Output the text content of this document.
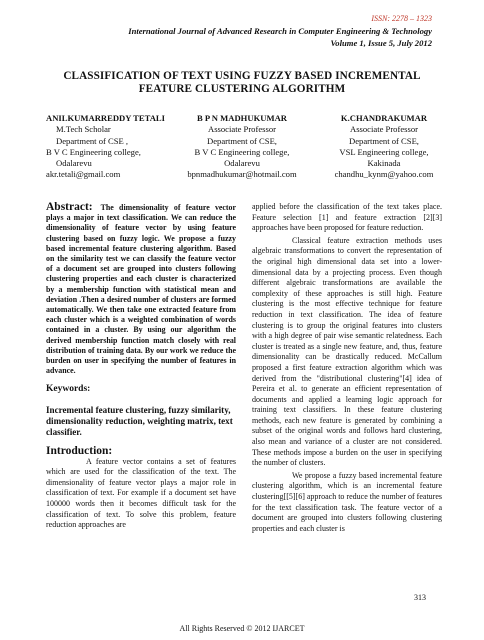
ISSN: 2278 – 1323
International Journal of Advanced Research in Computer Engineering & Technology
Volume 1, Issue 5, July 2012
CLASSIFICATION OF TEXT USING FUZZY BASED INCREMENTAL
FEATURE CLUSTERING ALGORITHM
ANILKUMARREDDY TETALI
M.Tech Scholar
Department of CSE ,
B V C Engineering college,
Odalarevu
akr.tetali@gmail.com
B P N MADHUKUMAR
Associate Professor
Department of CSE,
B V C Engineering college,
Odalarevu
bpnmadhukumar@hotmail.com
K.CHANDRAKUMAR
Associate Professor
Department of CSE,
VSL Engineering college,
Kakinada
chandhu_kynm@yahoo.com

Abstract: The dimensionality of feature vector plays a major in text classification. We can reduce the dimensionality of feature vector by using feature clustering based on fuzzy logic. We propose a fuzzy based incremental feature clustering algorithm. Based on the similarity test we can classify the feature vector of a document set are grouped into clusters following clustering properties and each cluster is characterized by a membership function with statistical mean and deviation .Then a desired number of clusters are formed automatically. We then take one extracted feature from each cluster which is a weighted combination of words contained in a cluster. By using our algorithm the derived membership function match closely with real distribution of training data. By our work we reduce the burden on user in specifying the number of features in advance.

Keywords:

Incremental feature clustering, fuzzy similarity, dimensionality reduction, weighting matrix, text classifier.

Introduction:

A feature vector contains a set of features which are used for the classification of the text. The dimensionality of feature vector plays a major role in classification of text. For example if a document set have 100000 words then it becomes difficult task for the classification of text. To solve this problem, feature reduction approaches are

applied before the classification of the text takes place. Feature selection [1] and feature extraction [2][3] approaches have been proposed for feature reduction.

Classical feature extraction methods uses algebraic transformations to convert the representation of the original high dimensional data set into a lower-dimensional data by a projecting process. Even though different algebraic transformations are available the complexity of these approaches is still high. Feature clustering is the most effective technique for feature reduction in text classification. The idea of feature clustering is to group the original features into clusters with a high degree of pair wise semantic relatedness. Each cluster is treated as a single new feature, and, thus, feature dimensionality can be drastically reduced. McCallum proposed a first feature extraction algorithm which was derived from the "distributional clustering"[4] idea of Pereira et al. to generate an efficient representation of documents and applied a learning logic approach for training text classifiers. In these feature clustering methods, each new feature is generated by combining a subset of the original words and follows hard clustering, also mean and variance of a cluster are not considered. These methods impose a burden on the user in specifying the number of clusters.

We propose a fuzzy based incremental feature clustering algorithm, which is an incremental feature clustering[[5][6] approach to reduce the number of features for the text classification task. The feature vector of a document are grouped into clusters following clustering properties and each cluster is

313
All Rights Reserved © 2012 IJARCET
